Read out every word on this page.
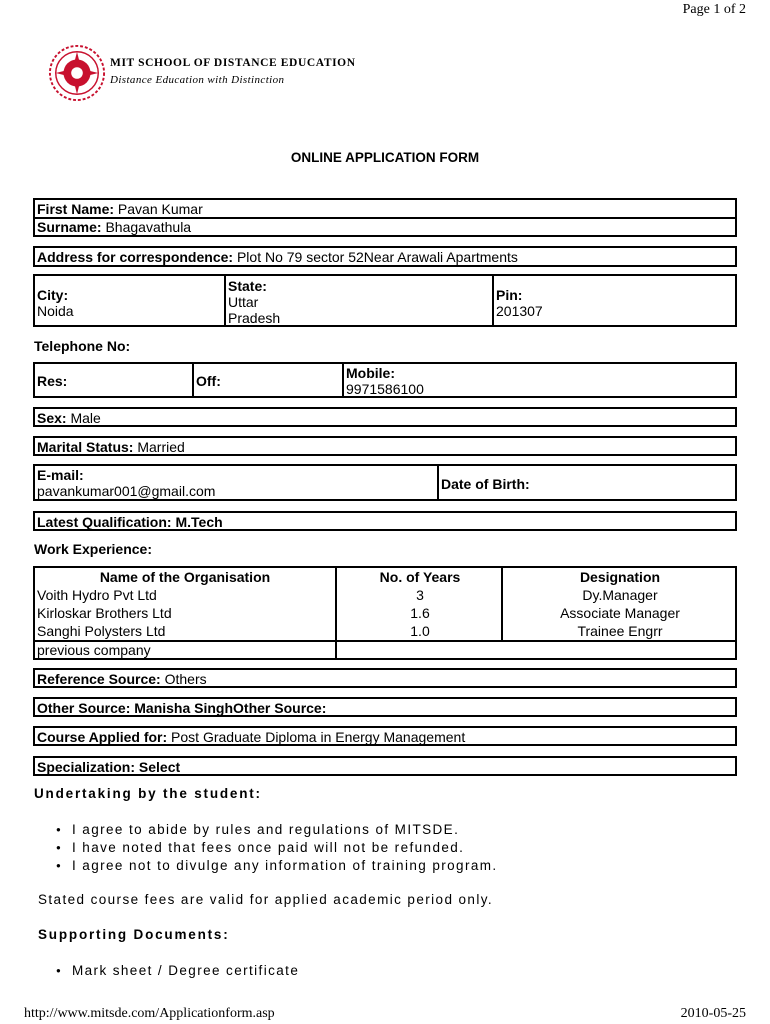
Page 1 of 2
MIT SCHOOL OF DISTANCE EDUCATION
Distance Education with Distinction
ONLINE APPLICATION FORM
First Name: Pavan Kumar
Surname: Bhagavathula
Address for correspondence: Plot No 79 sector 52Near Arawali Apartments
City:
Noida
State:
Uttar
Pradesh
Pin:
201307
Telephone No:
Res:	Off:	Mobile:
9971586100
Sex: Male
Marital Status: Married
E-mail:
pavankumar001@gmail.com	Date of Birth:
Latest Qualification: M.Tech
Work Experience:
Name of the Organisation	No. of Years	Designation
Voith Hydro Pvt Ltd	3	Dy.Manager
Kirloskar Brothers Ltd	1.6	Associate Manager
Sanghi Polysters Ltd	1.0	Trainee Engrr
previous company
Reference Source: Others
Other Source: Manisha SinghOther Source:
Course Applied for: Post Graduate Diploma in Energy Management
Specialization: Select
Undertaking by the student:
● I agree to abide by rules and regulations of MITSDE.
● I have noted that fees once paid will not be refunded.
● I agree not to divulge any information of training program.
Stated course fees are valid for applied academic period only.
Supporting Documents:
● Mark sheet / Degree certificate
http://www.mitsde.com/Applicationform.asp	2010-05-25
